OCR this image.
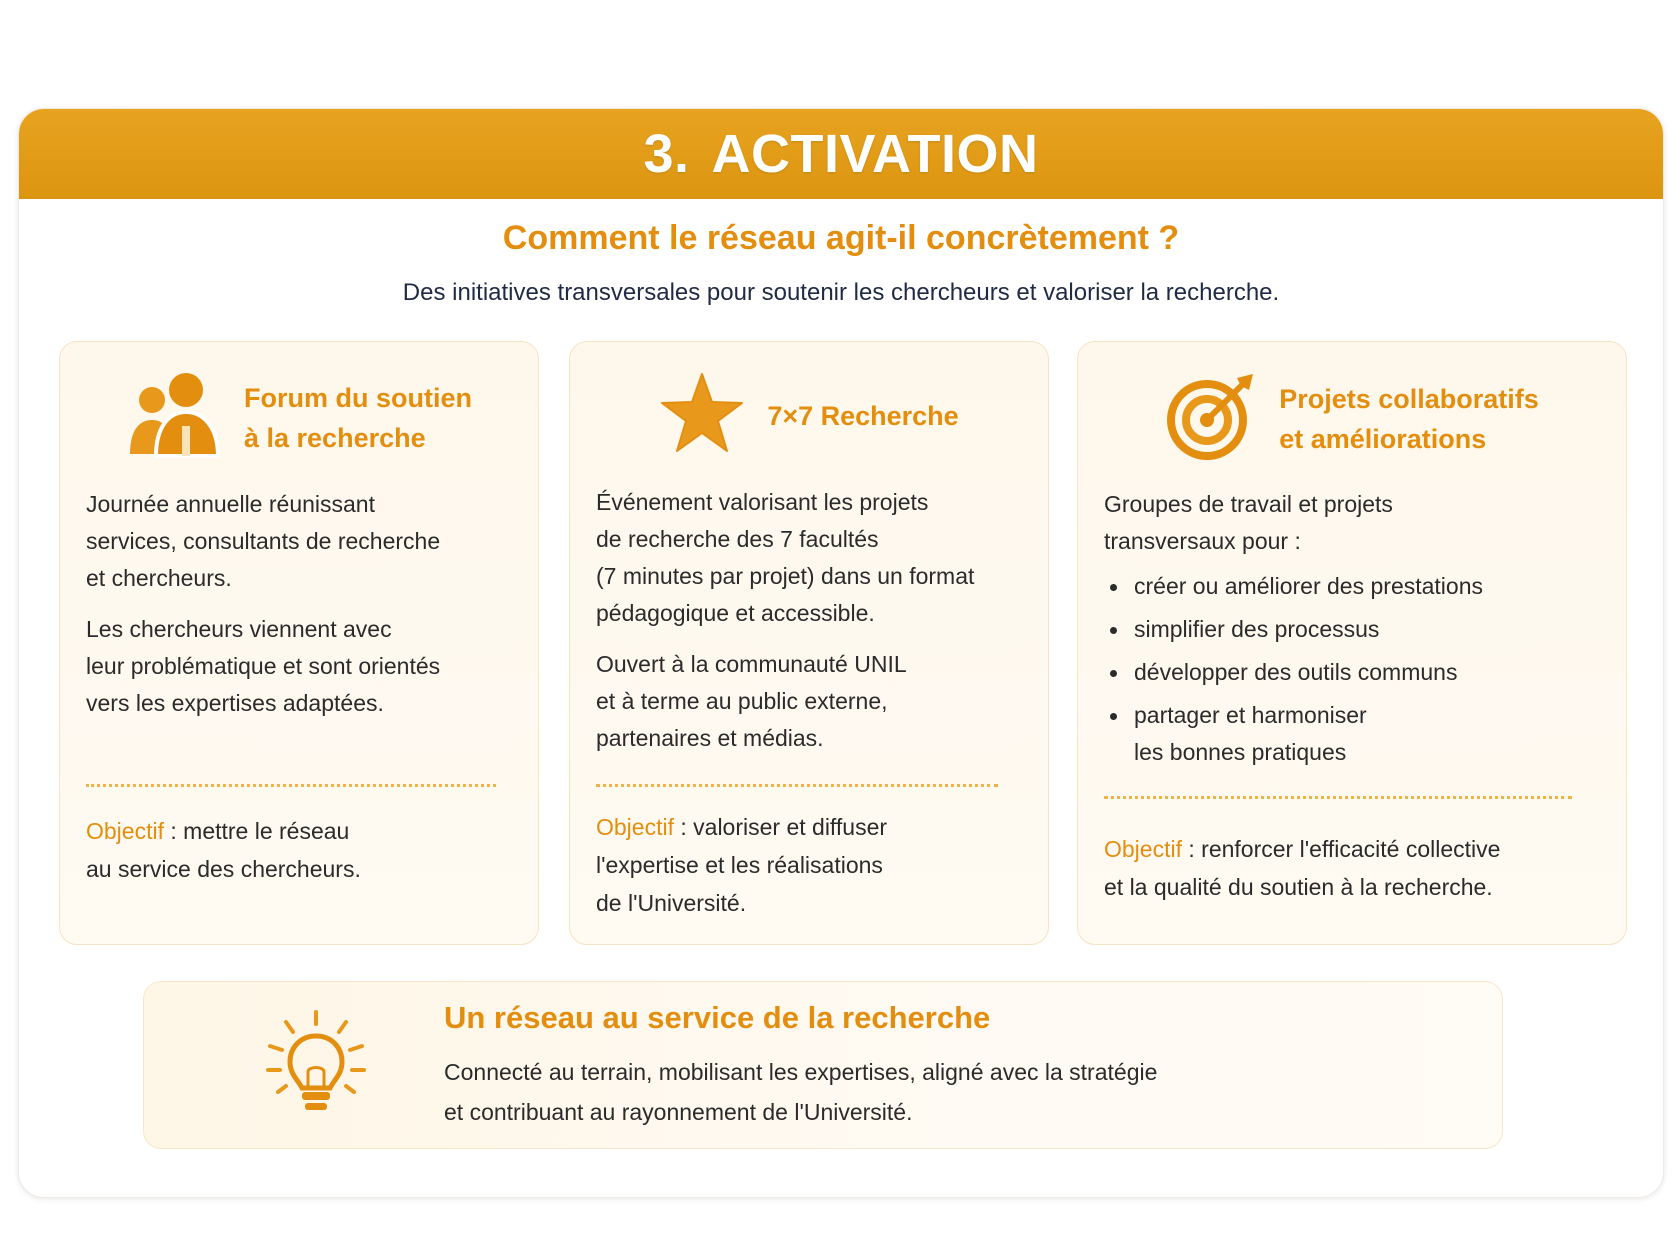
3. ACTIVATION
Comment le réseau agit-il concrètement ?
Des initiatives transversales pour soutenir les chercheurs et valoriser la recherche.
Forum du soutien
à la recherche

Journée annuelle réunissant
services, consultants de recherche
et chercheurs.

Les chercheurs viennent avec
leur problématique et sont orientés
vers les expertises adaptées.

Objectif : mettre le réseau
au service des chercheurs.
7×7 Recherche

Événement valorisant les projets
de recherche des 7 facultés
(7 minutes par projet) dans un format
pédagogique et accessible.

Ouvert à la communauté UNIL
et à terme au public externe,
partenaires et médias.

Objectif : valoriser et diffuser
l'expertise et les réalisations
de l'Université.
Projets collaboratifs
et améliorations
Groupes de travail et projets
transversaux pour :
créer ou améliorer des prestations
simplifier des processus
développer des outils communs
partager et harmoniser
les bonnes pratiques
Objectif : renforcer l'efficacité collective
et la qualité du soutien à la recherche.
Un réseau au service de la recherche
Connecté au terrain, mobilisant les expertises, aligné avec la stratégie
et contribuant au rayonnement de l'Université.
